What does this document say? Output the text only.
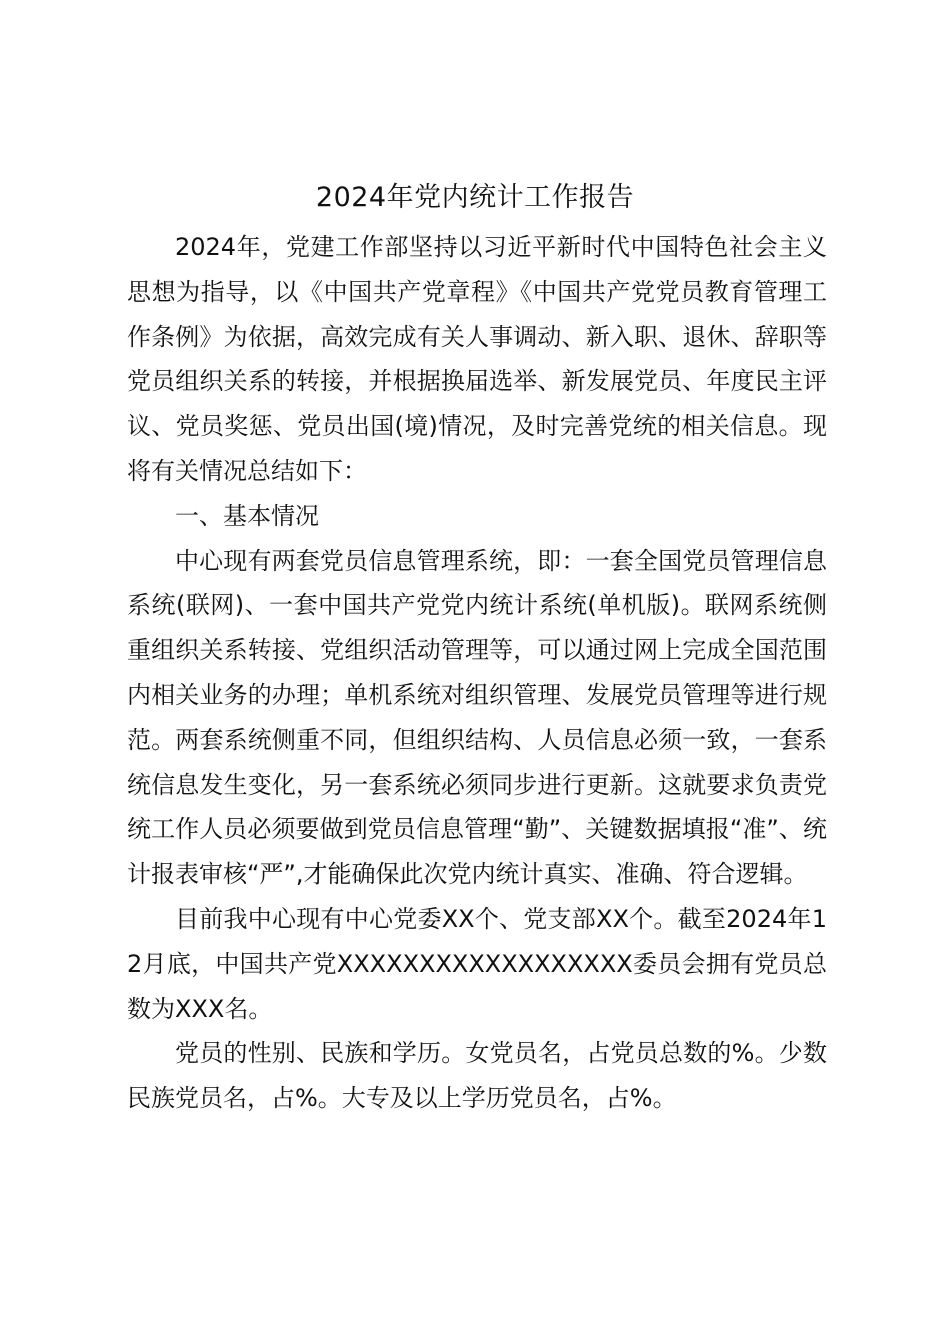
2024年党内统计工作报告

2024年，党建工作部坚持以习近平新时代中国特色社会主义思想为指导，以《中国共产党章程》《中国共产党党员教育管理工作条例》为依据，高效完成有关人事调动、新入职、退休、辞职等党员组织关系的转接，并根据换届选举、新发展党员、年度民主评议、党员奖惩、党员出国(境)情况，及时完善党统的相关信息。现将有关情况总结如下：

一、基本情况

中心现有两套党员信息管理系统，即：一套全国党员管理信息系统(联网)、一套中国共产党党内统计系统(单机版)。联网系统侧重组织关系转接、党组织活动管理等，可以通过网上完成全国范围内相关业务的办理；单机系统对组织管理、发展党员管理等进行规范。两套系统侧重不同，但组织结构、人员信息必须一致，一套系统信息发生变化，另一套系统必须同步进行更新。这就要求负责党统工作人员必须要做到党员信息管理“勤”、关键数据填报“准”、统计报表审核“严”,才能确保此次党内统计真实、准确、符合逻辑。

目前我中心现有中心党委XX个、党支部XX个。截至2024年12月底，中国共产党XXXXXXXXXXXXXXXXXX委员会拥有党员总数为XXX名。

党员的性别、民族和学历。女党员名，占党员总数的%。少数民族党员名，占%。大专及以上学历党员名，占%。
